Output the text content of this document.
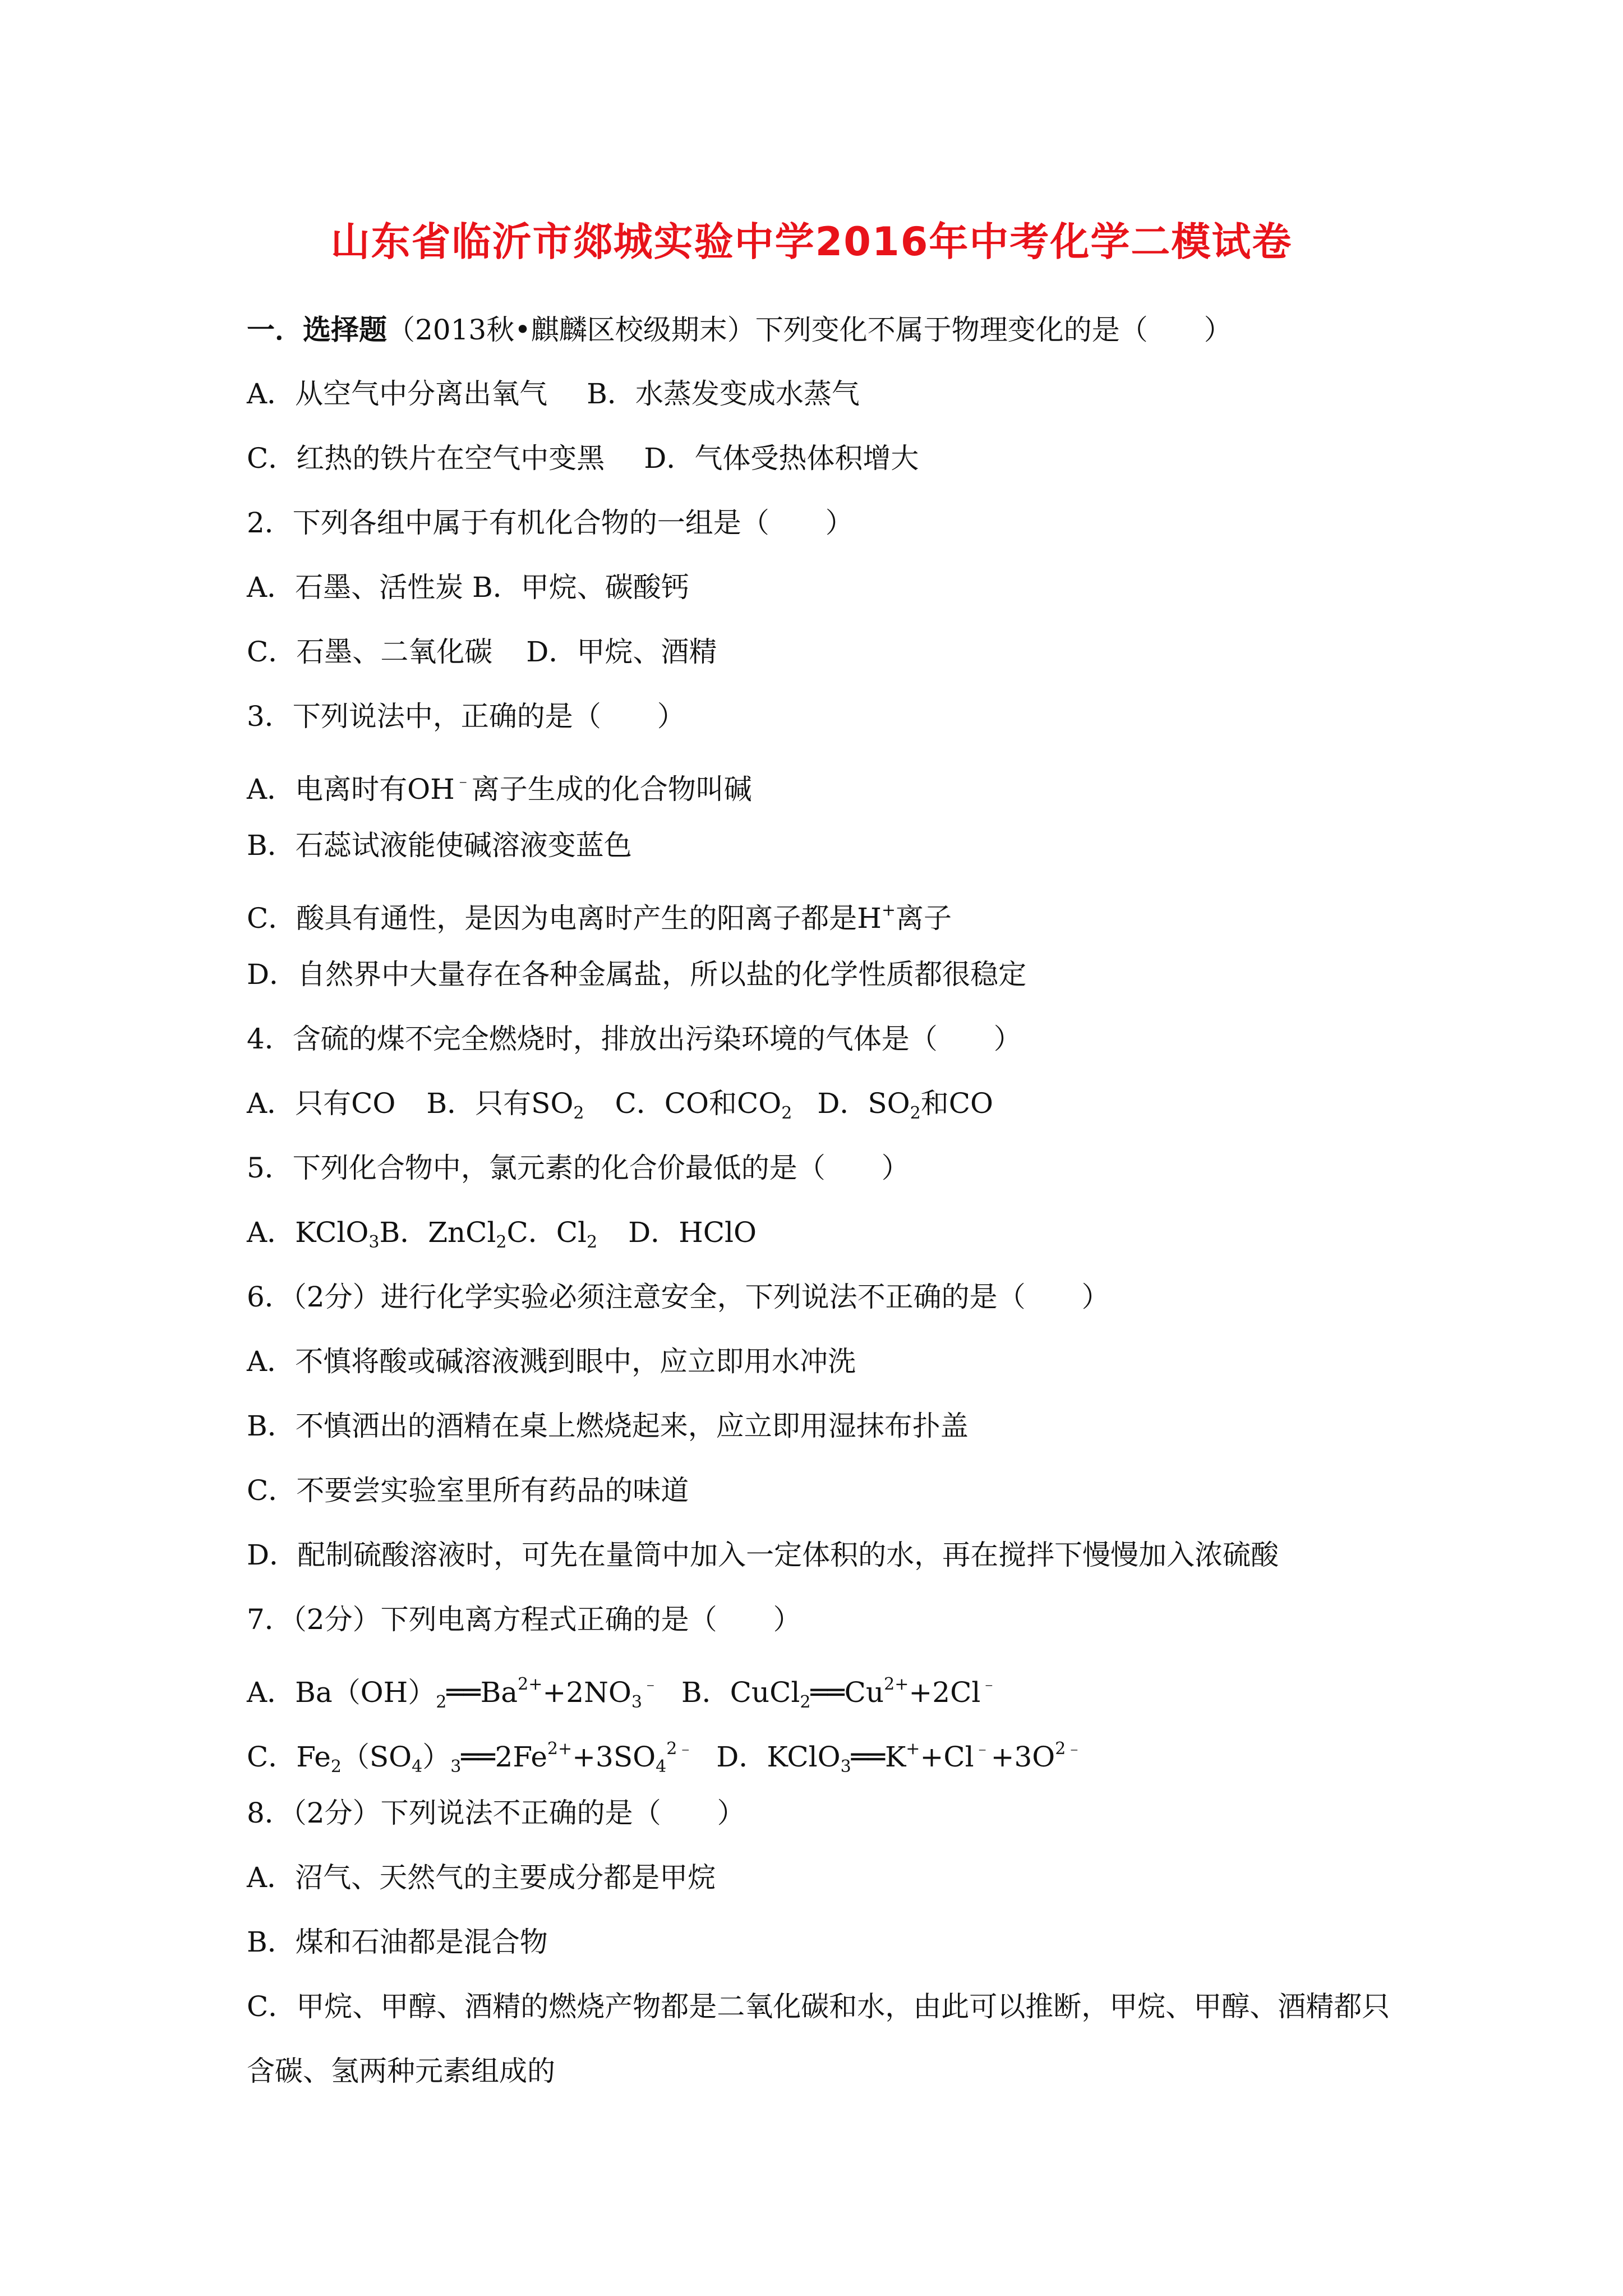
山东省临沂市郯城实验中学2016年中考化学二模试卷
一．选择题（2013秋•麒麟区校级期末）下列变化不属于物理变化的是（　　）
A．从空气中分离出氧气 B．水蒸发变成水蒸气
C．红热的铁片在空气中变黑 D．气体受热体积增大
2．下列各组中属于有机化合物的一组是（　　）
A．石墨、活性炭 B．甲烷、碳酸钙
C．石墨、二氧化碳 D．甲烷、酒精
3．下列说法中，正确的是（　　）
A．电离时有OH﹣离子生成的化合物叫碱
B．石蕊试液能使碱溶液变蓝色
C．酸具有通性，是因为电离时产生的阳离子都是H+离子
D．自然界中大量存在各种金属盐，所以盐的化学性质都很稳定
4．含硫的煤不完全燃烧时，排放出污染环境的气体是（　　）
A．只有CO B．只有$SO_2$ C．CO和$CO_2$ D．$SO_2$和CO
5．下列化合物中，氯元素的化合价最低的是（　　）
A．KClO$_3$B．ZnCl$_2$C．$Cl_2$ D．HClO
6．（2分）进行化学实验必须注意安全，下列说法不正确的是（　　）
A．不慎将酸或碱溶液溅到眼中，应立即用水冲洗
B．不慎洒出的酒精在桌上燃烧起来，应立即用湿抹布扑盖
C．不要尝实验室里所有药品的味道
D．配制硫酸溶液时，可先在量筒中加入一定体积的水，再在搅拌下慢慢加入浓硫酸
7．（2分）下列电离方程式正确的是（　　）
A．$Ba(OH)_2══Ba^{2+}+2NO_3^﹣$ B．$CuCl_2══Cu^{2+}+2Cl^﹣$
C．$Fe_2(SO_4)_3══2Fe^{2+}+3SO_4^{2﹣}$ D．$KClO_3══K^++Cl^﹣+3O^{2﹣}$
8．（2分）下列说法不正确的是（　　）
A．沼气、天然气的主要成分都是甲烷
B．煤和石油都是混合物
C．甲烷、甲醇、酒精的燃烧产物都是二氧化碳和水，由此可以推断，甲烷、甲醇、酒精都只含碳、氢两种元素组成的
